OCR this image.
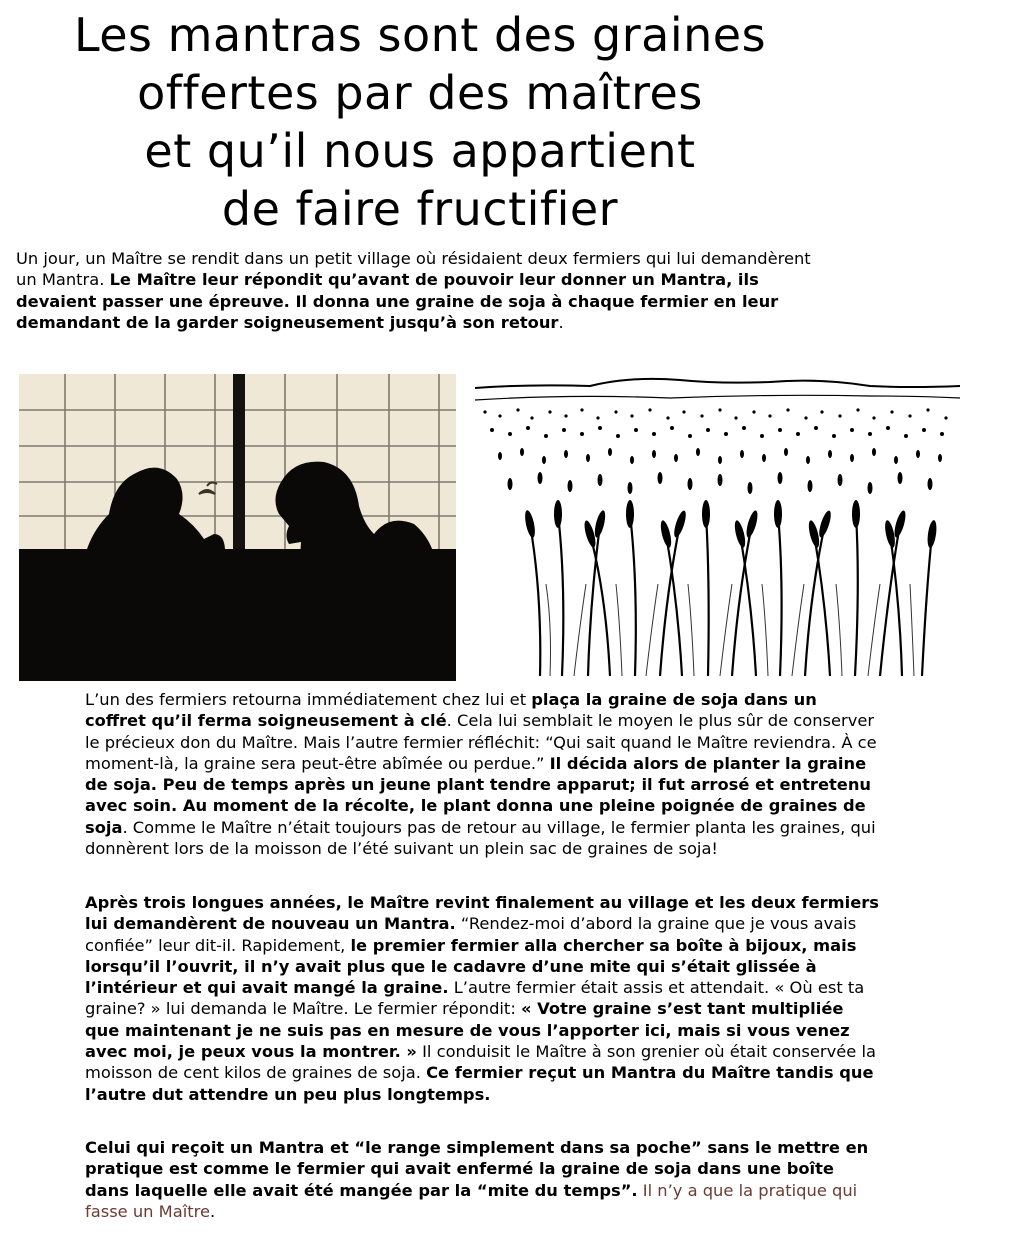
Les mantras sont des graines
offertes par des maîtres
et qu’il nous appartient
de faire fructifier

Un jour, un Maître se rendit dans un petit village où résidaient deux fermiers qui lui demandèrent un Mantra. Le Maître leur répondit qu’avant de pouvoir leur donner un Mantra, ils devaient passer une épreuve. Il donna une graine de soja à chaque fermier en leur demandant de la garder soigneusement jusqu’à son retour.

L’un des fermiers retourna immédiatement chez lui et plaça la graine de soja dans un coffret qu’il ferma soigneusement à clé. Cela lui semblait le moyen le plus sûr de conserver le précieux don du Maître. Mais l’autre fermier réfléchit: “Qui sait quand le Maître reviendra. À ce moment-là, la graine sera peut-être abîmée ou perdue.” Il décida alors de planter la graine de soja. Peu de temps après un jeune plant tendre apparut; il fut arrosé et entretenu avec soin. Au moment de la récolte, le plant donna une pleine poignée de graines de soja. Comme le Maître n’était toujours pas de retour au village, le fermier planta les graines, qui donnèrent lors de la moisson de l’été suivant un plein sac de graines de soja!

Après trois longues années, le Maître revint finalement au village et les deux fermiers lui demandèrent de nouveau un Mantra. “Rendez-moi d’abord la graine que je vous avais confiée” leur dit-il. Rapidement, le premier fermier alla chercher sa boîte à bijoux, mais lorsqu’il l’ouvrit, il n’y avait plus que le cadavre d’une mite qui s’était glissée à l’intérieur et qui avait mangé la graine. L’autre fermier était assis et attendait. « Où est ta graine? » lui demanda le Maître. Le fermier répondit: « Votre graine s’est tant multipliée que maintenant je ne suis pas en mesure de vous l’apporter ici, mais si vous venez avec moi, je peux vous la montrer. » Il conduisit le Maître à son grenier où était conservée la moisson de cent kilos de graines de soja. Ce fermier reçut un Mantra du Maître tandis que l’autre dut attendre un peu plus longtemps.

Celui qui reçoit un Mantra et “le range simplement dans sa poche” sans le mettre en pratique est comme le fermier qui avait enfermé la graine de soja dans une boîte dans laquelle elle avait été mangée par la “mite du temps”. Il n’y a que la pratique qui fasse un Maître.
